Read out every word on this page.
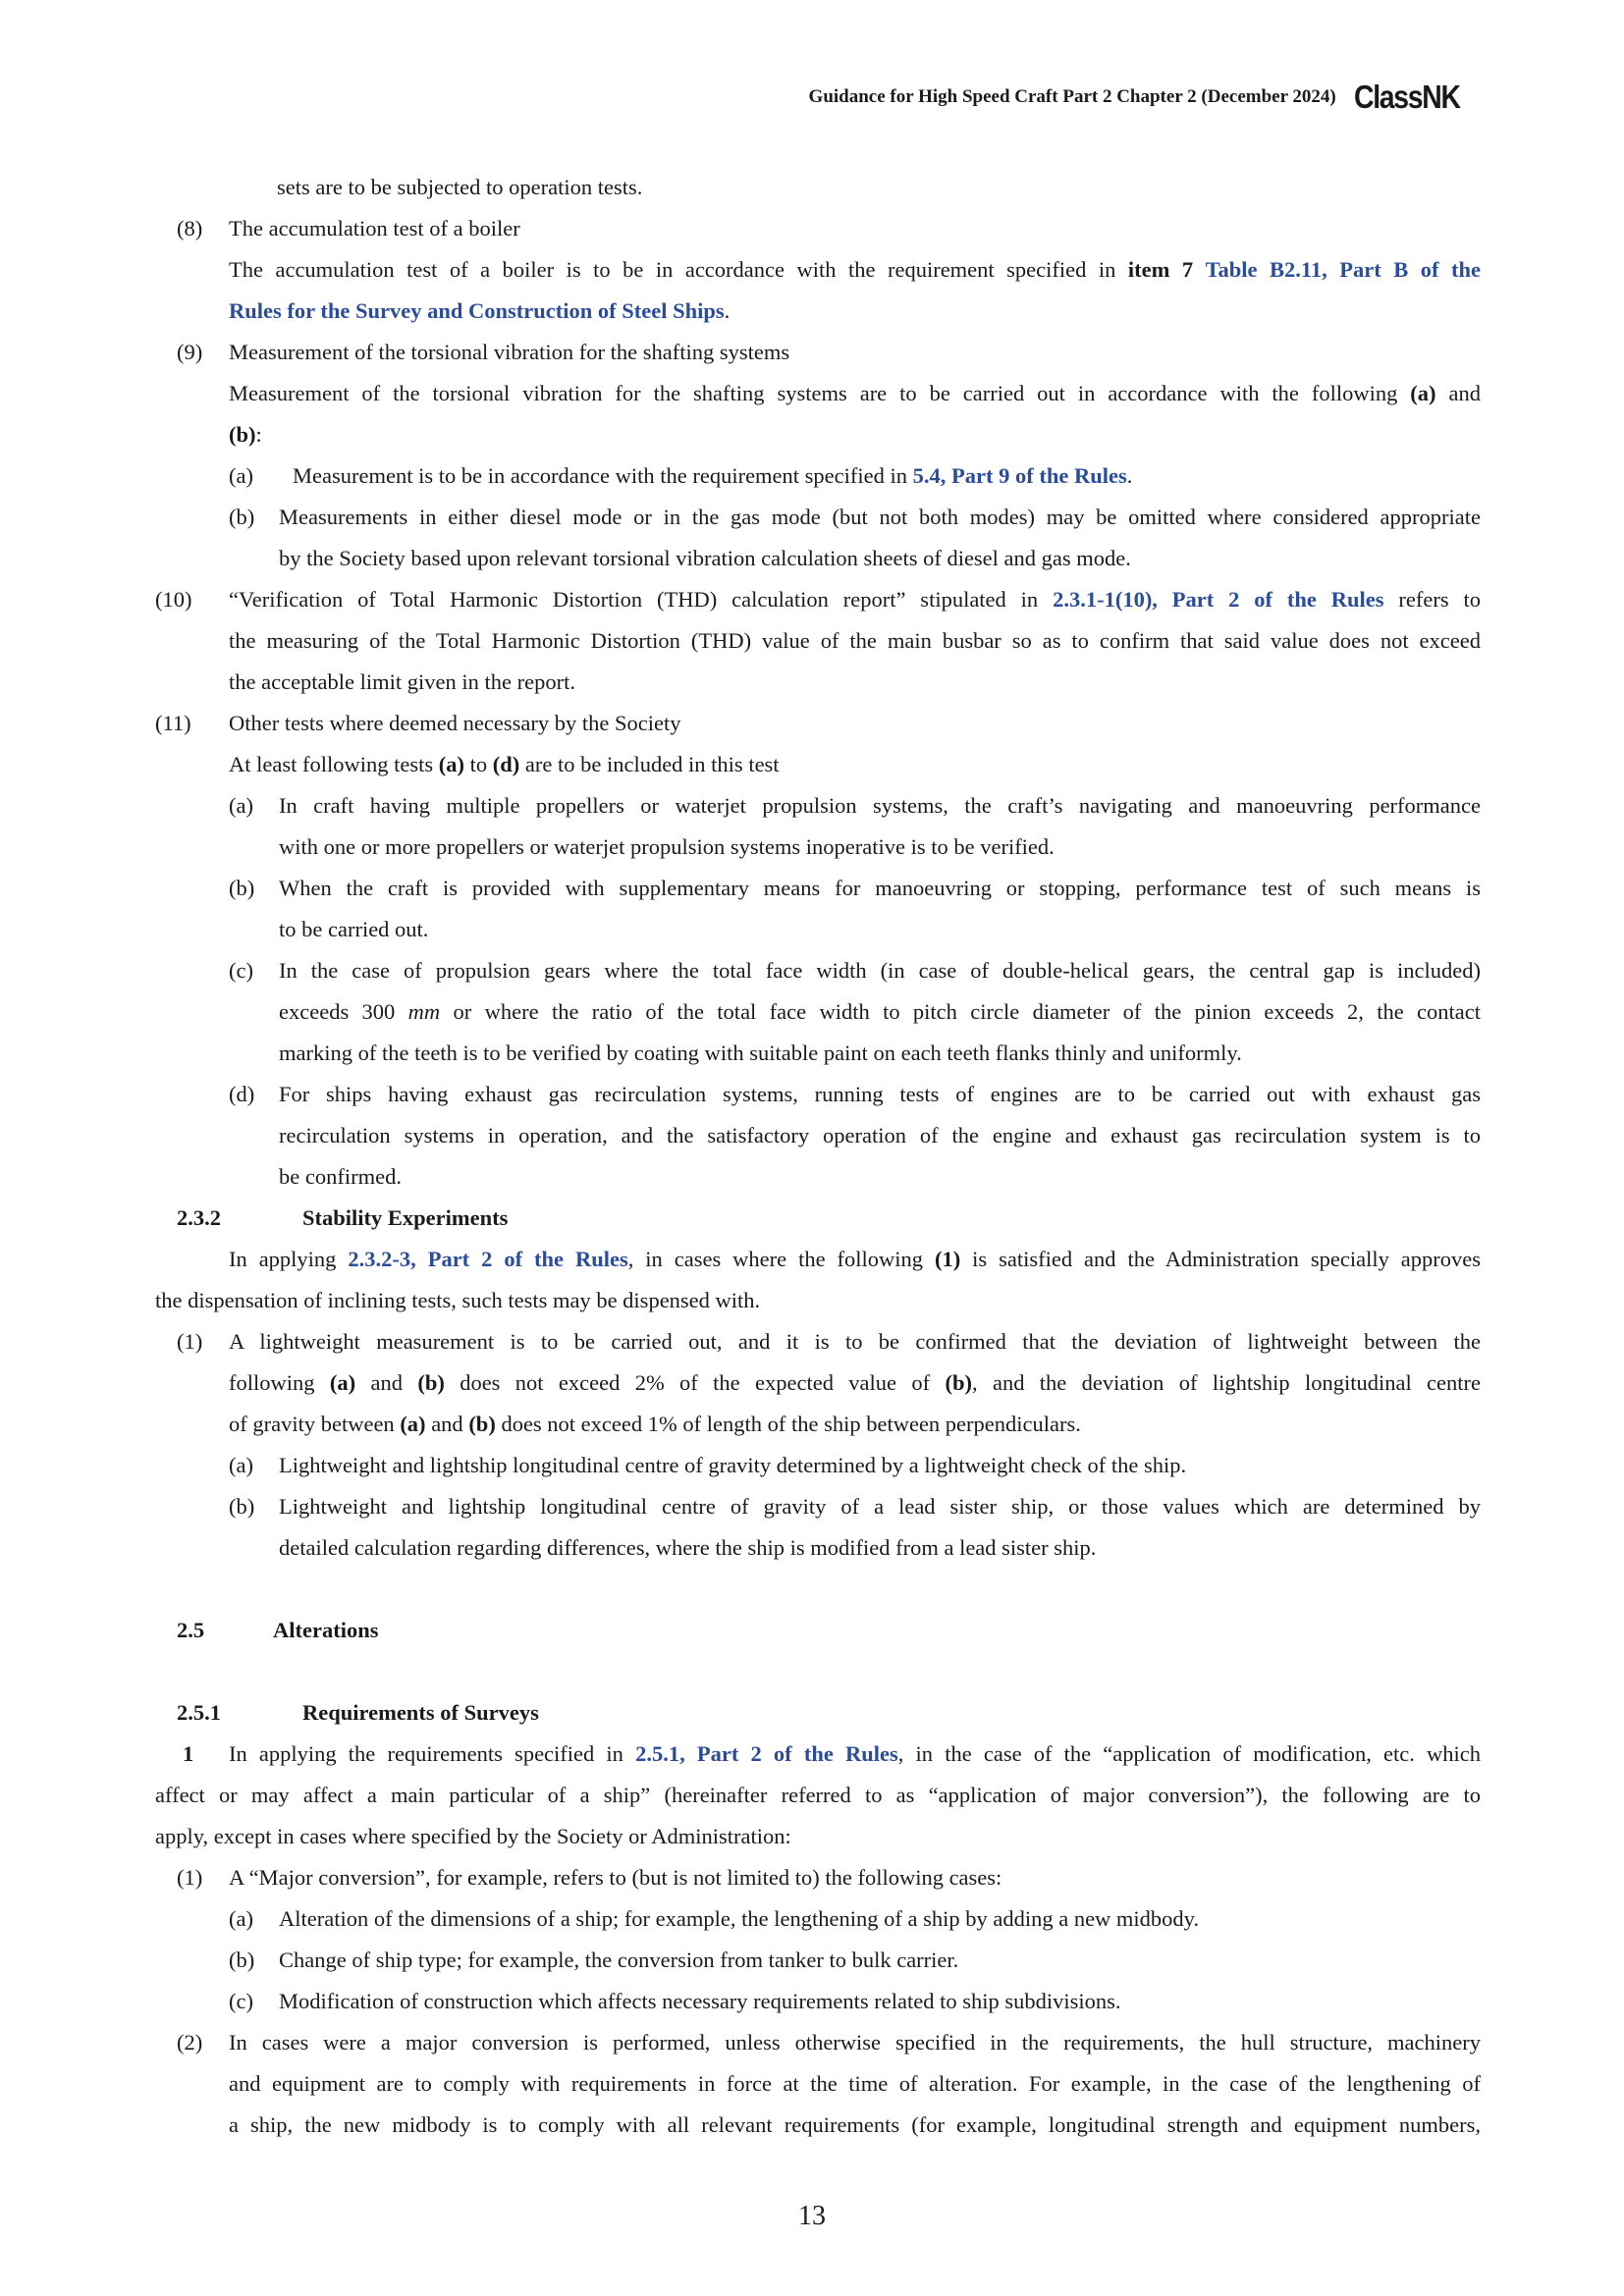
Guidance for High Speed Craft Part 2 Chapter 2 (December 2024) ClassNK
sets are to be subjected to operation tests.
(8) The accumulation test of a boiler
The accumulation test of a boiler is to be in accordance with the requirement specified in item 7 Table B2.11, Part B of the
Rules for the Survey and Construction of Steel Ships.
(9) Measurement of the torsional vibration for the shafting systems
Measurement of the torsional vibration for the shafting systems are to be carried out in accordance with the following (a) and
(b):
(a) Measurement is to be in accordance with the requirement specified in 5.4, Part 9 of the Rules.
(b) Measurements in either diesel mode or in the gas mode (but not both modes) may be omitted where considered appropriate
by the Society based upon relevant torsional vibration calculation sheets of diesel and gas mode.
(10) “Verification of Total Harmonic Distortion (THD) calculation report” stipulated in 2.3.1-1(10), Part 2 of the Rules refers to
the measuring of the Total Harmonic Distortion (THD) value of the main busbar so as to confirm that said value does not exceed
the acceptable limit given in the report.
(11) Other tests where deemed necessary by the Society
At least following tests (a) to (d) are to be included in this test
(a) In craft having multiple propellers or waterjet propulsion systems, the craft’s navigating and manoeuvring performance
with one or more propellers or waterjet propulsion systems inoperative is to be verified.
(b) When the craft is provided with supplementary means for manoeuvring or stopping, performance test of such means is
to be carried out.
(c) In the case of propulsion gears where the total face width (in case of double-helical gears, the central gap is included)
exceeds 300 mm or where the ratio of the total face width to pitch circle diameter of the pinion exceeds 2, the contact
marking of the teeth is to be verified by coating with suitable paint on each teeth flanks thinly and uniformly.
(d) For ships having exhaust gas recirculation systems, running tests of engines are to be carried out with exhaust gas
recirculation systems in operation, and the satisfactory operation of the engine and exhaust gas recirculation system is to
be confirmed.
2.3.2	Stability Experiments
In applying 2.3.2-3, Part 2 of the Rules, in cases where the following (1) is satisfied and the Administration specially approves
the dispensation of inclining tests, such tests may be dispensed with.
(1) A lightweight measurement is to be carried out, and it is to be confirmed that the deviation of lightweight between the
following (a) and (b) does not exceed 2% of the expected value of (b), and the deviation of lightship longitudinal centre
of gravity between (a) and (b) does not exceed 1% of length of the ship between perpendiculars.
(a) Lightweight and lightship longitudinal centre of gravity determined by a lightweight check of the ship.
(b) Lightweight and lightship longitudinal centre of gravity of a lead sister ship, or those values which are determined by
detailed calculation regarding differences, where the ship is modified from a lead sister ship.
2.5	Alterations
2.5.1	Requirements of Surveys
1 In applying the requirements specified in 2.5.1, Part 2 of the Rules, in the case of the “application of modification, etc. which
affect or may affect a main particular of a ship” (hereinafter referred to as “application of major conversion”), the following are to
apply, except in cases where specified by the Society or Administration:
(1) A “Major conversion”, for example, refers to (but is not limited to) the following cases:
(a) Alteration of the dimensions of a ship; for example, the lengthening of a ship by adding a new midbody.
(b) Change of ship type; for example, the conversion from tanker to bulk carrier.
(c) Modification of construction which affects necessary requirements related to ship subdivisions.
(2) In cases were a major conversion is performed, unless otherwise specified in the requirements, the hull structure, machinery
and equipment are to comply with requirements in force at the time of alteration. For example, in the case of the lengthening of
a ship, the new midbody is to comply with all relevant requirements (for example, longitudinal strength and equipment numbers,
13
